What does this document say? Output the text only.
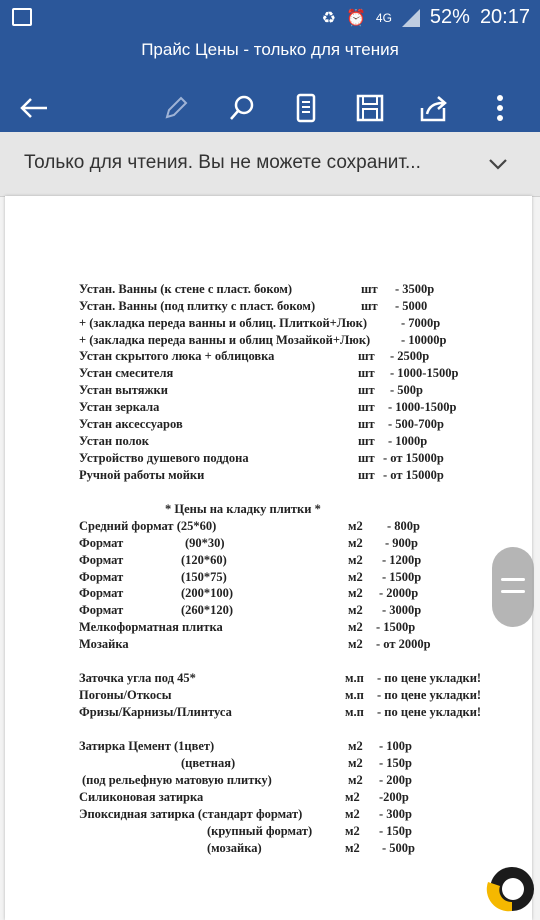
♻ ⏰ 4G 52% 20:17
Прайс Цены - только для чтения
Только для чтения. Вы не можете сохранит...
Устан. Ванны (к стене с пласт. боком)	шт - 3500р
Устан. Ванны (под плитку с пласт. боком)	шт - 5000
+ (закладка переда ванны и облиц. Плиткой+Люк)	- 7000р
+ (закладка переда ванны и облиц Мозайкой+Люк) - 10000р
Устан скрытого люка + облицовка	шт - 2500р
Устан смесителя	шт - 1000-1500р
Устан вытяжки	шт - 500р
Устан зеркала	шт - 1000-1500р
Устан аксессуаров	шт - 500-700р
Устан полок	шт - 1000р
Устройство душевого поддона	шт - от 15000р
Ручной работы мойки	шт - от 15000р
* Цены на кладку плитки *
Средний формат (25*60)	м2 - 800р
Формат	(90*30)	м2 - 900р
Формат	(120*60)	м2 - 1200р
Формат	(150*75)	м2 - 1500р
Формат	(200*100)	м2 - 2000р
Формат	(260*120)	м2 - 3000р
Мелкоформатная плитка	м2 - 1500р
Мозайка	м2 - от 2000р
Заточка угла под 45*	м.п - по цене укладки!
Погоны/Откосы	м.п - по цене укладки!
Фризы/Карнизы/Плинтуса	м.п - по цене укладки!
Затирка Цемент (1цвет)	м2 - 100р
(цветная)	м2 - 150р
(под рельефную матовую плитку)	м2 - 200р
Силиконовая затирка	м2 -200р
Эпоксидная затирка (стандарт формат)	м2 - 300р
(крупный формат)	м2 - 150р
(мозайка)	м2 - 500р
